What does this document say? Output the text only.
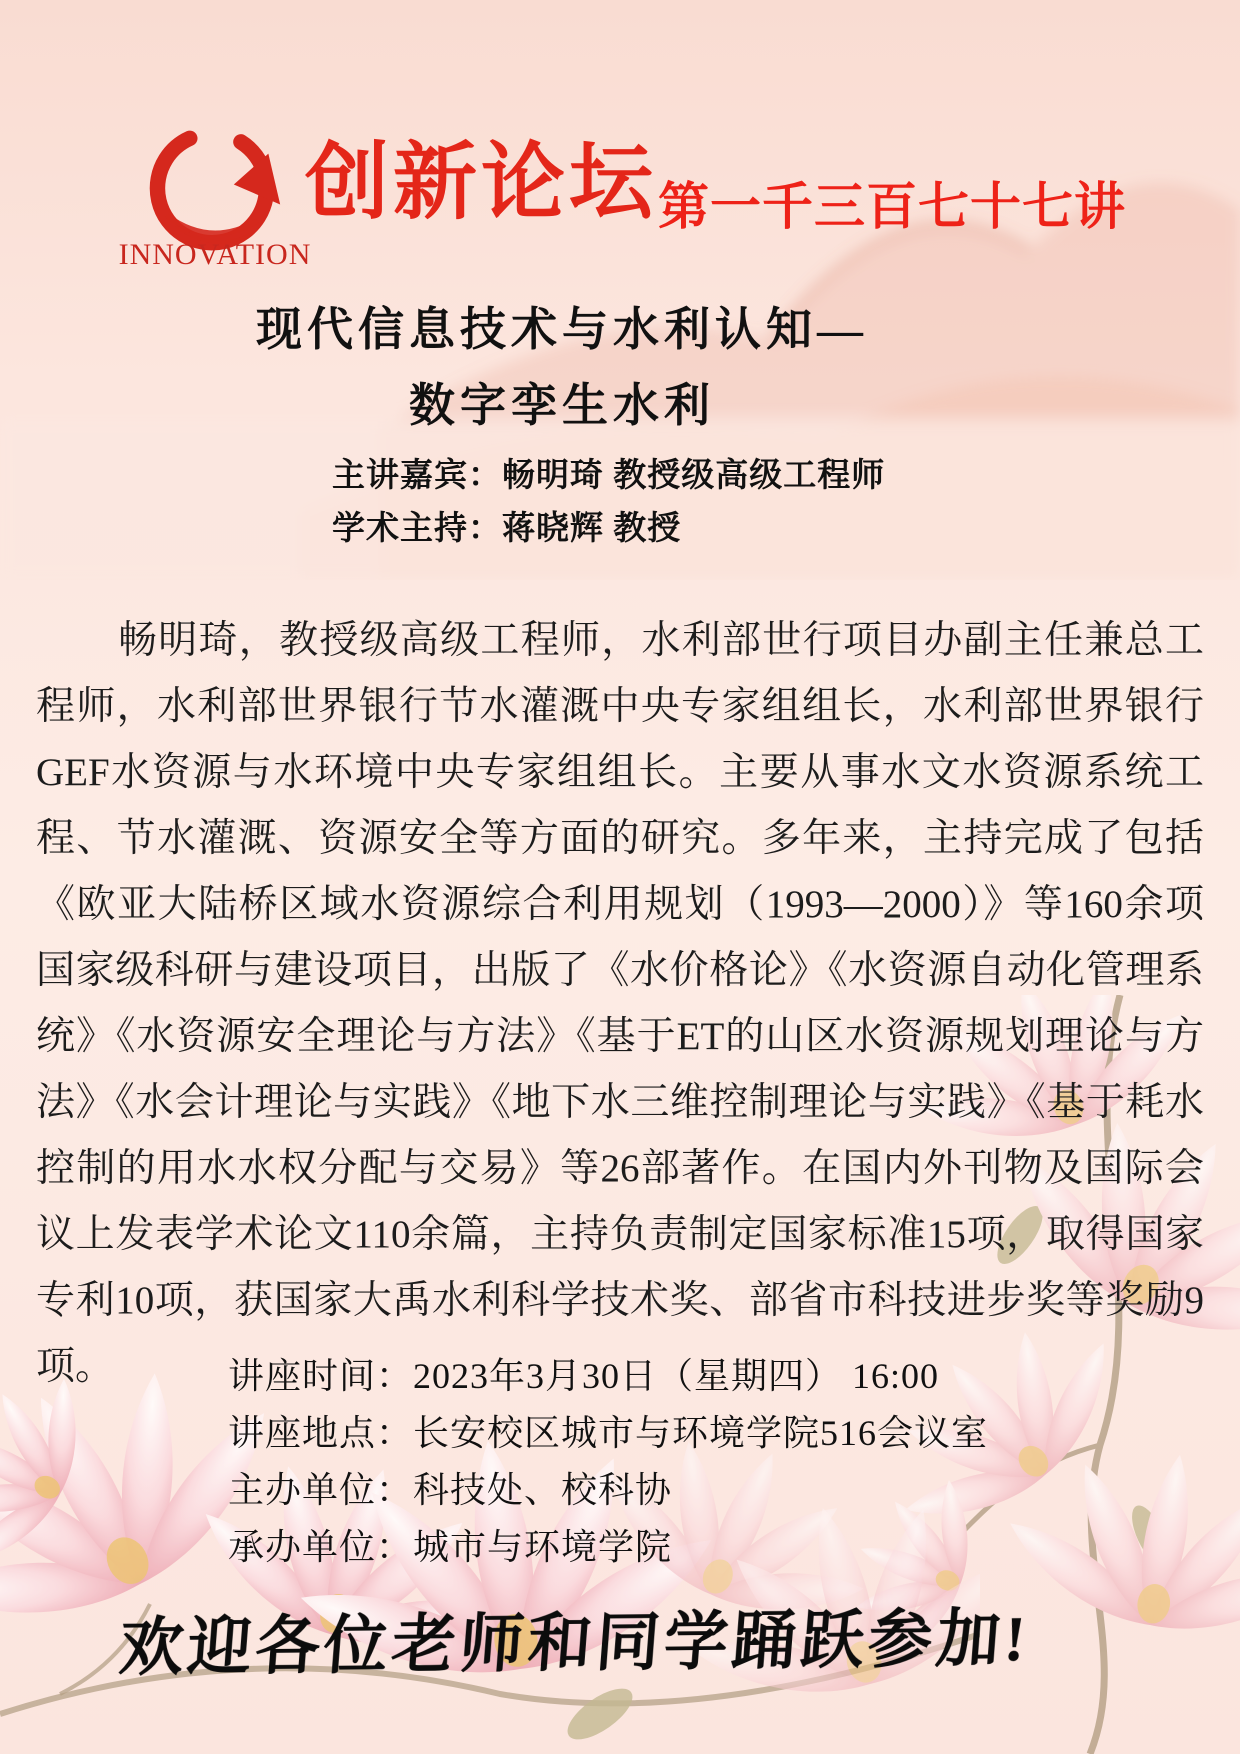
INNOVATION
创新论坛 第一千三百七十七讲
现代信息技术与水利认知—
数字孪生水利
主讲嘉宾：畅明琦 教授级高级工程师
学术主持：蒋晓辉 教授
畅明琦，教授级高级工程师，水利部世行项目办副主任兼总工程师，水利部世界银行节水灌溉中央专家组组长，水利部世界银行GEF水资源与水环境中央专家组组长。主要从事水文水资源系统工程、节水灌溉、资源安全等方面的研究。多年来，主持完成了包括《欧亚大陆桥区域水资源综合利用规划（1993—2000）》等160余项国家级科研与建设项目，出版了《水价格论》《水资源自动化管理系统》《水资源安全理论与方法》《基于ET的山区水资源规划理论与方法》《水会计理论与实践》《地下水三维控制理论与实践》《基于耗水控制的用水水权分配与交易》等26部著作。在国内外刊物及国际会议上发表学术论文110余篇，主持负责制定国家标准15项，取得国家专利10项，获国家大禹水利科学技术奖、部省市科技进步奖等奖励9项。	讲座时间：2023年3月30日（星期四） 16:00
讲座地点：长安校区城市与环境学院516会议室
主办单位：科技处、校科协
承办单位：城市与环境学院
欢迎各位老师和同学踊跃参加!
